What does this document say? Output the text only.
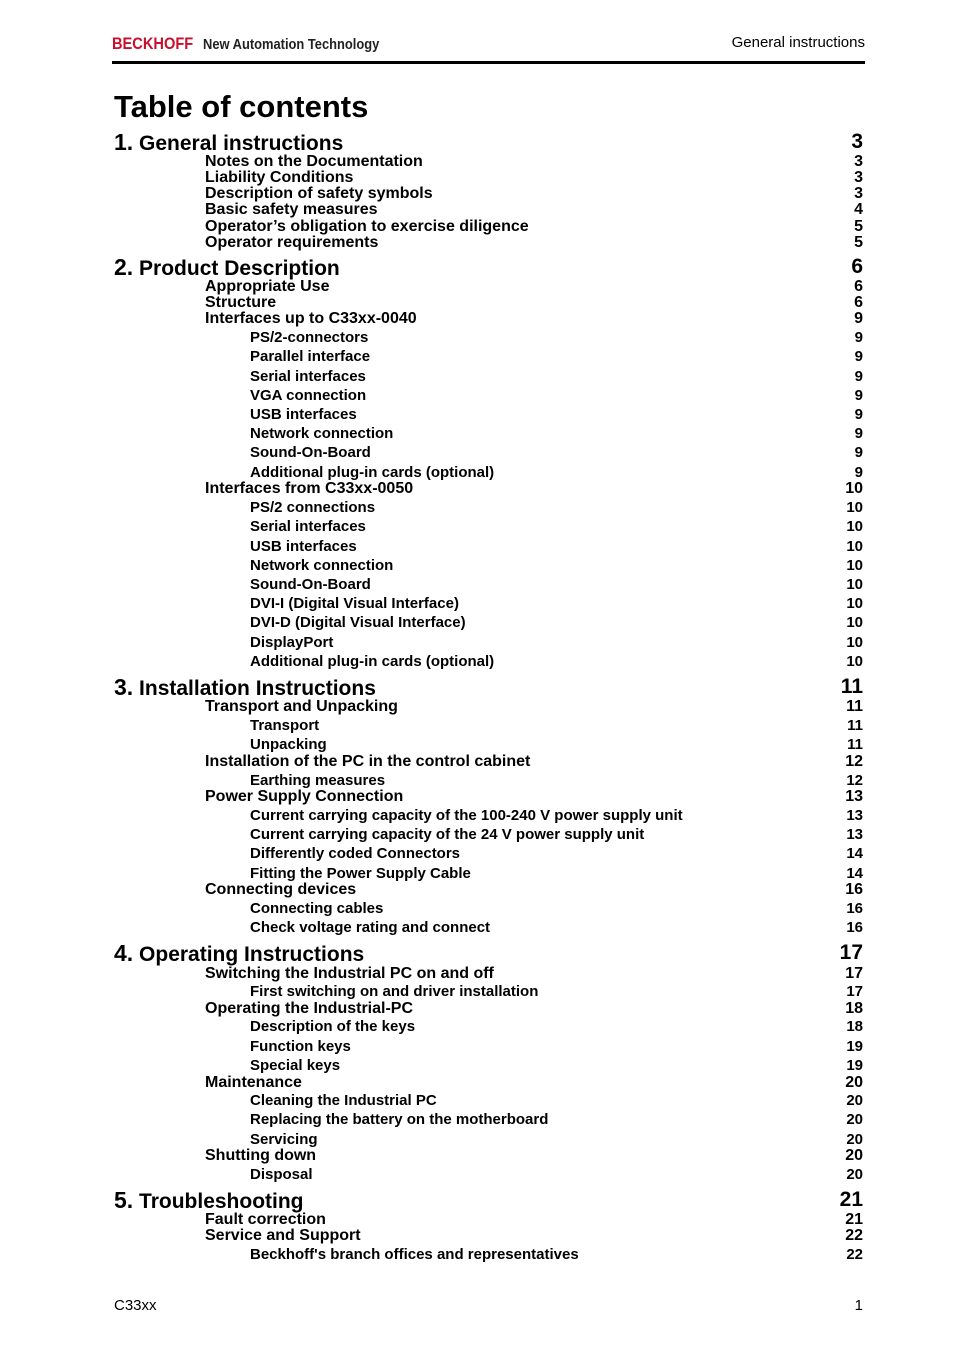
BECKHOFF New Automation Technology	General instructions
Table of contents
1. General instructions	3
Notes on the Documentation	3
Liability Conditions	3
Description of safety symbols	3
Basic safety measures	4
Operator’s obligation to exercise diligence	5
Operator requirements	5
2. Product Description	6
Appropriate Use	6
Structure	6
Interfaces up to C33xx-0040	9
PS/2-connectors	9
Parallel interface	9
Serial interfaces	9
VGA connection	9
USB interfaces	9
Network connection	9
Sound-On-Board	9
Additional plug-in cards (optional)	9
Interfaces from C33xx-0050	10
PS/2 connections	10
Serial interfaces	10
USB interfaces	10
Network connection	10
Sound-On-Board	10
DVI-I (Digital Visual Interface)	10
DVI-D (Digital Visual Interface)	10
DisplayPort	10
Additional plug-in cards (optional)	10
3. Installation Instructions	11
Transport and Unpacking	11
Transport	11
Unpacking	11
Installation of the PC in the control cabinet	12
Earthing measures	12
Power Supply Connection	13
Current carrying capacity of the 100-240 V power supply unit	13
Current carrying capacity of the 24 V power supply unit	13
Differently coded Connectors	14
Fitting the Power Supply Cable	14
Connecting devices	16
Connecting cables	16
Check voltage rating and connect	16
4. Operating Instructions	17
Switching the Industrial PC on and off	17
First switching on and driver installation	17
Operating the Industrial-PC	18
Description of the keys	18
Function keys	19
Special keys	19
Maintenance	20
Cleaning the Industrial PC	20
Replacing the battery on the motherboard	20
Servicing	20
Shutting down	20
Disposal	20
5. Troubleshooting	21
Fault correction	21
Service and Support	22
Beckhoff's branch offices and representatives	22
C33xx	1
